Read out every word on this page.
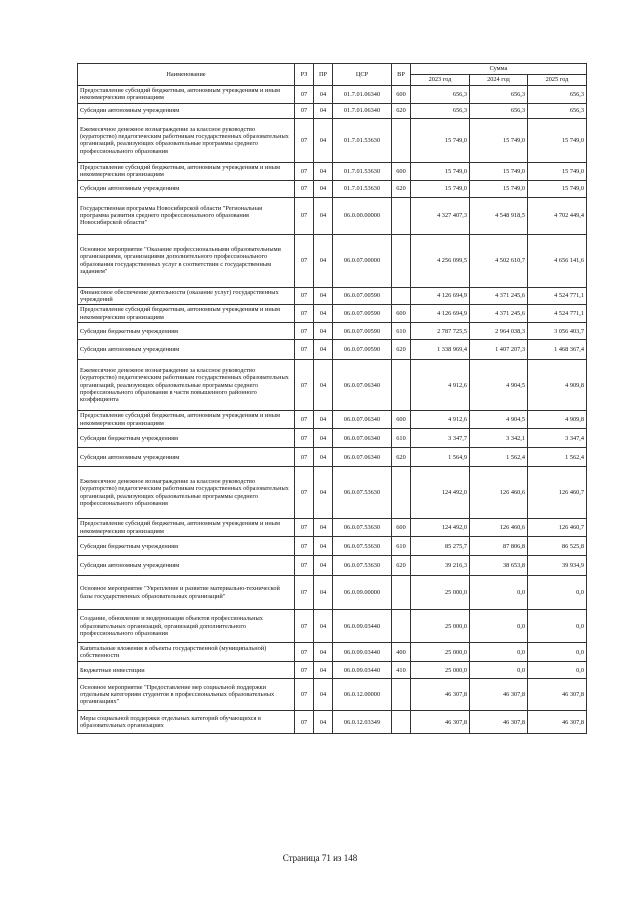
Наименование	РЗ	ПР	ЦСР	ВР	Сумма		
					2023 год	2024 год	2025 год
Предоставление субсидий бюджетным, автономным учреждениям и иным некоммерческим организациям	07	04	01.7.01.06340	600	656,3	656,3	656,3
Субсидии автономным учреждениям	07	04	01.7.01.06340	620	656,3	656,3	656,3
Ежемесячное денежное вознаграждение за классное руководство (кураторство) педагогическим работникам государственных образовательных организаций, реализующих образовательные программы среднего профессионального образования	07	04	01.7.01.53630		15 749,0	15 749,0	15 749,0
Предоставление субсидий бюджетным, автономным учреждениям и иным некоммерческим организациям	07	04	01.7.01.53630	600	15 749,0	15 749,0	15 749,0
Субсидии автономным учреждениям	07	04	01.7.01.53630	620	15 749,0	15 749,0	15 749,0
Государственная программа Новосибирской области "Региональная программа развития среднего профессионального образования Новосибирской области"	07	04	06.0.00.00000		4 327 407,3	4 548 918,5	4 702 449,4
Основное мероприятие "Оказание профессиональными образовательными организациями, организациями дополнительного профессионального образования государственных услуг в соответствии с государственным заданием"	07	04	06.0.07.00000		4 256 099,5	4 502 610,7	4 656 141,6
Финансовое обеспечение деятельности (оказание услуг) государственных учреждений	07	04	06.0.07.00590		4 126 694,9	4 371 245,6	4 524 771,1
Предоставление субсидий бюджетным, автономным учреждениям и иным некоммерческим организациям	07	04	06.0.07.00590	600	4 126 694,9	4 371 245,6	4 524 771,1
Субсидии бюджетным учреждениям	07	04	06.0.07.00590	610	2 787 725,5	2 964 038,3	3 056 403,7
Субсидии автономным учреждениям	07	04	06.0.07.00590	620	1 338 969,4	1 407 207,3	1 468 367,4
Ежемесячное денежное вознаграждение за классное руководство (кураторство) педагогическим работникам государственных образовательных организаций, реализующих образовательные программы среднего профессионального образования в части повышенного районного коэффициента	07	04	06.0.07.06340		4 912,6	4 904,5	4 909,8
Предоставление субсидий бюджетным, автономным учреждениям и иным некоммерческим организациям	07	04	06.0.07.06340	600	4 912,6	4 904,5	4 909,8
Субсидии бюджетным учреждениям	07	04	06.0.07.06340	610	3 347,7	3 342,1	3 347,4
Субсидии автономным учреждениям	07	04	06.0.07.06340	620	1 564,9	1 562,4	1 562,4
Ежемесячное денежное вознаграждение за классное руководство (кураторство) педагогическим работникам государственных образовательных организаций, реализующих образовательные программы среднего профессионального образования	07	04	06.0.07.53630		124 492,0	126 460,6	126 460,7
Предоставление субсидий бюджетным, автономным учреждениям и иным некоммерческим организациям	07	04	06.0.07.53630	600	124 492,0	126 460,6	126 460,7
Субсидии бюджетным учреждениям	07	04	06.0.07.53630	610	85 275,7	87 806,8	86 525,8
Субсидии автономным учреждениям	07	04	06.0.07.53630	620	39 216,3	38 653,8	39 934,9
Основное мероприятие "Укрепление и развитие материально-технической базы государственных образовательных организаций"	07	04	06.0.09.00000		25 000,0	0,0	0,0
Создание, обновление и модернизация объектов профессиональных образовательных организаций, организаций дополнительного профессионального образования	07	04	06.0.09.03440		25 000,0	0,0	0,0
Капитальные вложения в объекты государственной (муниципальной) собственности	07	04	06.0.09.03440	400	25 000,0	0,0	0,0
Бюджетные инвестиции	07	04	06.0.09.03440	410	25 000,0	0,0	0,0
Основное мероприятие "Предоставление мер социальной поддержки отдельным категориям студентов в профессиональных образовательных организациях"	07	04	06.0.12.00000		46 307,8	46 307,8	46 307,8
Меры социальной поддержки отдельных категорий обучающихся в образовательных организациях	07	04	06.0.12.03349		46 307,8	46 307,8	46 307,8
Страница 71 из 148
